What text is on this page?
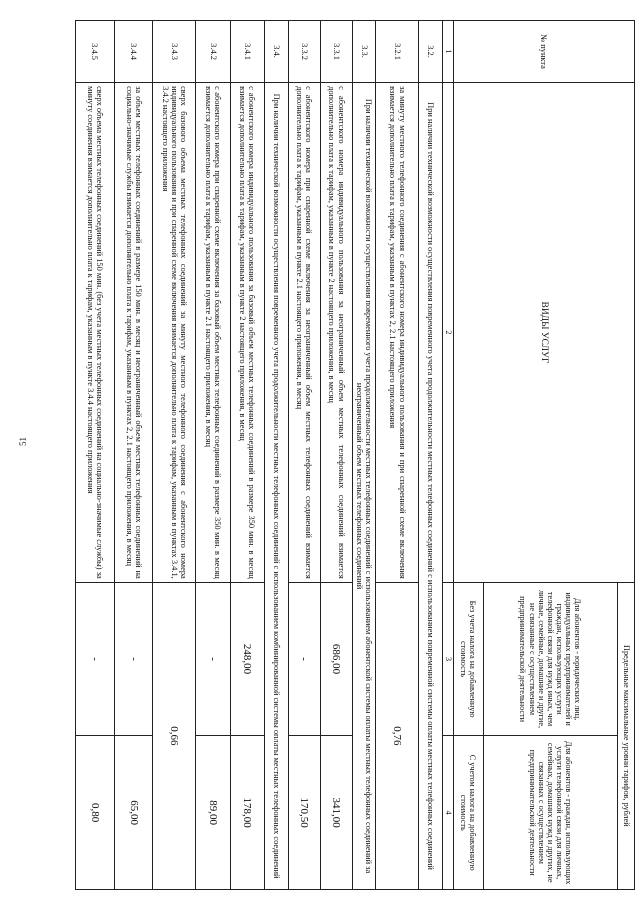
51
№ пункта	ВИДЫ УСЛУГ	Предельные максимальные уровни тарифов, рублей	
		Для абонентов - юридических лиц, индивидуальных предпринимателей и граждан, использующих услуги телефонной связи для нужд иных, чем личные, семейные, домашние и другие, не связанные с осуществлением предпринимательской деятельности	Для абонентов - граждан, использующих услуги телефонной связи для личных, семейных, домашних нужд и других, не связанных с осуществлением предпринимательской деятельности
		Без учета налога на добавленную стоимость	С учетом налога на добавленную стоимость
1	2	3	4
3.2.	При наличии технической возможности осуществления повременного учета продолжительности местных телефонных соединений с использованием повременной системы оплаты местных телефонных соединений		
3.2.1	за минуту местного телефонного соединения с абонентского номера индивидуального пользования и при спаренной схеме включения взимается дополнительно плата к тарифам, указанным в пунктах 2, 2.1 настоящего приложения	0,76	
3.3.	При наличии технической возможности осуществления повременного учета продолжительности местных телефонных соединений с использованием абонентской системы оплаты местных телефонных соединений за неограниченный объем местных телефонных соединений		
3.3.1	с абонентского номера индивидуального пользования за неограниченный объем местных телефонных соединений взимается дополнительно плата к тарифам, указанным в пункте 2 настоящего приложения, в месяц	686,00	341,00
3.3.2	с абонентского номера при спаренной схеме включения за неограниченный объем местных телефонных соединений взимается дополнительно плата к тарифам, указанным в пункте 2.1 настоящего приложения, в месяц	-	170,50
3.4.	При наличии технической возможности осуществления повременного учета продолжительности местных телефонных соединений с использованием комбинированной системы оплаты местных телефонных соединений		
3.4.1	с абонентского номера индивидуального пользования за базовый объем местных телефонных соединений в размере 350 мин. в месяц взимается дополнительно плата к тарифам, указанным в пункте 2 настоящего приложения, в месяц	248,00	178,00
3.4.2	с абонентского номера при спаренной схеме включения за базовый объем местных телефонных соединений в размере 350 мин. в месяц взимается дополнительно плата к тарифам, указанным в пункте 2.1 настоящего приложения, в месяц	-	89,00
3.4.3	сверх базового объема местных телефонных соединений за минуту местного телефонного соединения с абонентского номера индивидуального пользования и при спаренной схеме включения взимается дополнительно плата к тарифам, указанным в пунктах 3.4.1, 3.4.2 настоящего приложения	0,66	
3.4.4	за объем местных телефонных соединений в размере 150 мин. в месяц и неограниченный объем местных телефонных соединений на социально-значимые службы взимается дополнительно плата к тарифам, указанным в пунктах 2, 2.1 настоящего приложения, в месяц	-	65,00
3.4.5	сверх объема местных телефонных соединений 150 мин. (без учета местных телефонных соединений на социально-значимые службы) за минуту соединения взимается дополнительно плата к тарифам, указанным в пункте 3.4.4 настоящего приложения	-	0,80
